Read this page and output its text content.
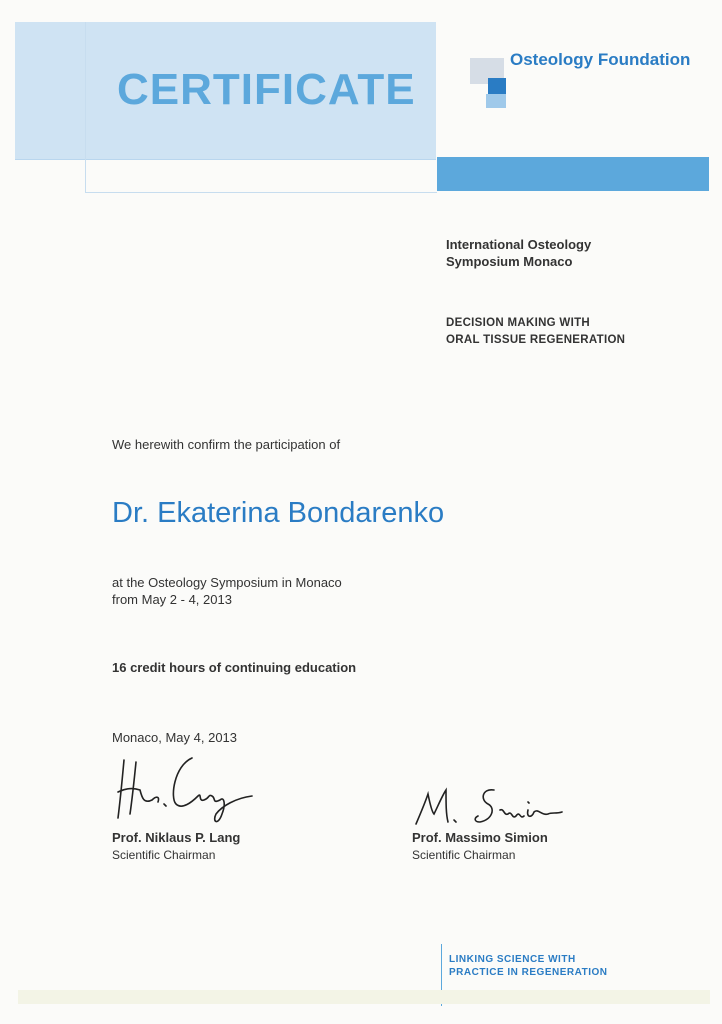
CERTIFICATE
Osteology Foundation
International Osteology
Symposium Monaco
DECISION MAKING WITH
ORAL TISSUE REGENERATION
We herewith confirm the participation of
Dr. Ekaterina Bondarenko
at the Osteology Symposium in Monaco
from May 2 - 4, 2013
16 credit hours of continuing education
Monaco, May 4, 2013
Prof. Niklaus P. Lang
Scientific Chairman
Prof. Massimo Simion
Scientific Chairman
LINKING SCIENCE WITH
PRACTICE IN REGENERATION
